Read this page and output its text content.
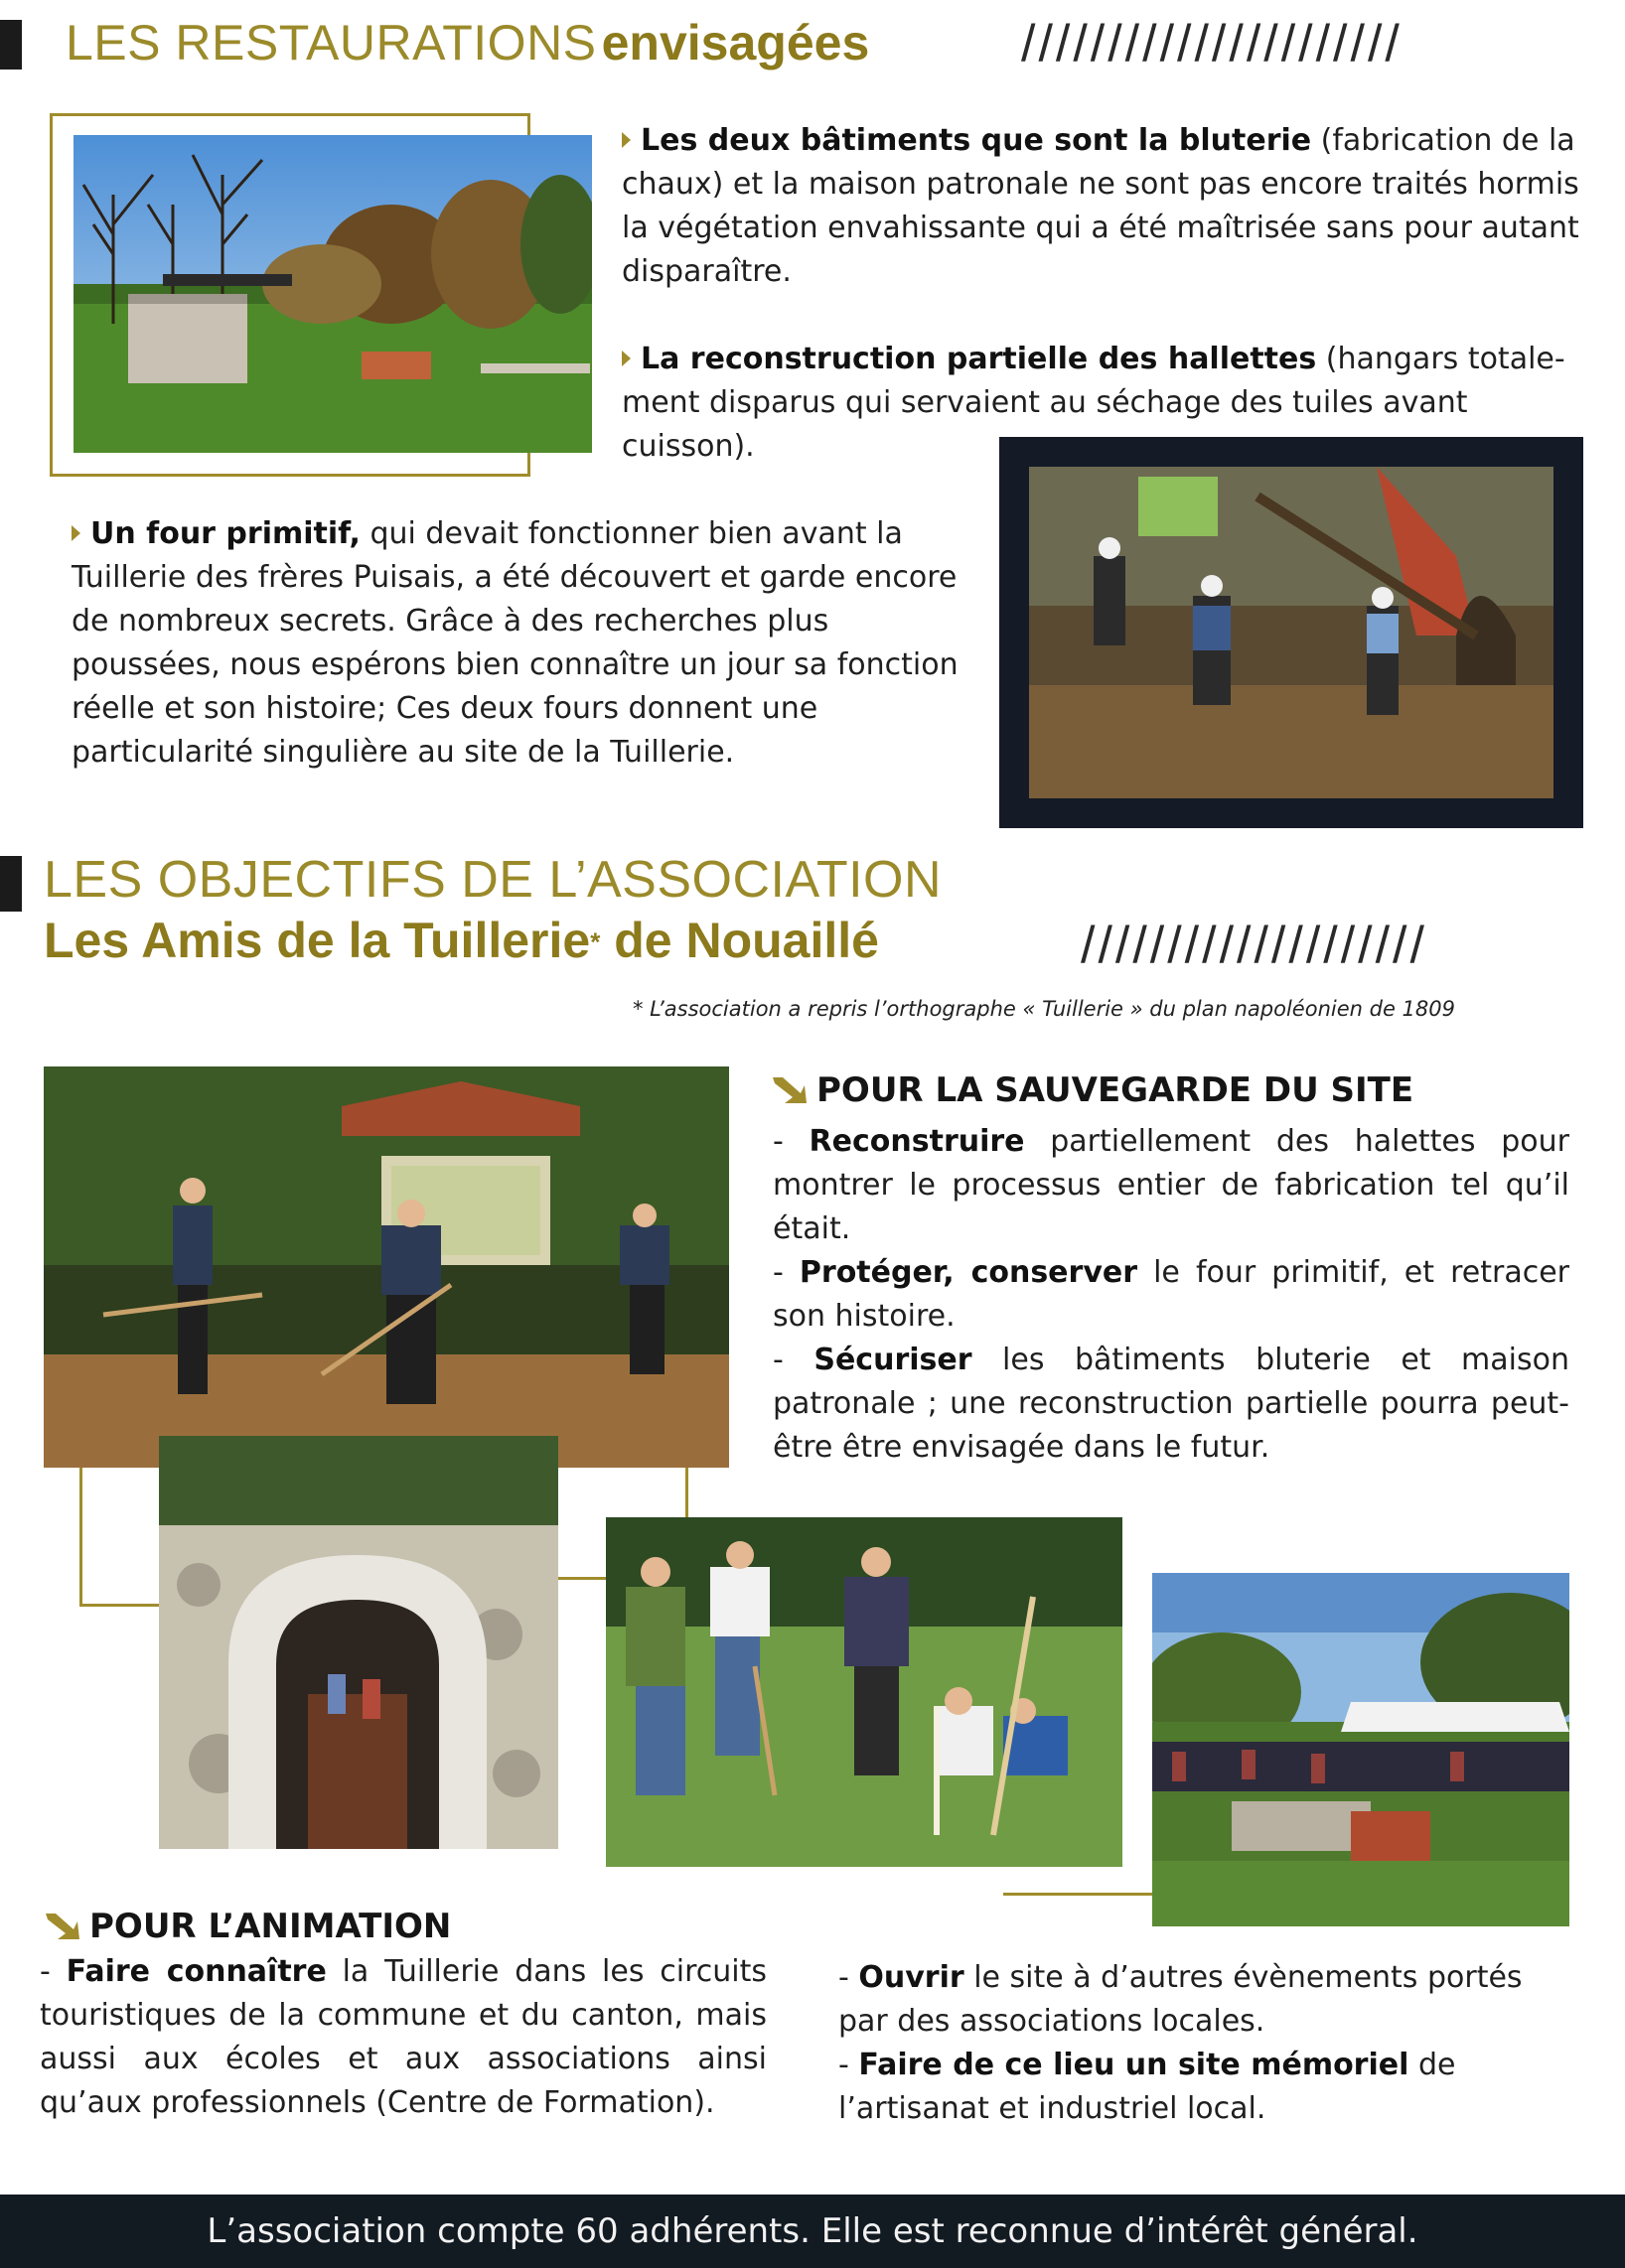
LES RESTAURATIONS envisagées	//////////////////////
Les deux bâtiments que sont la bluterie (fabrication de la chaux) et la maison patronale ne sont pas encore traités hormis la végétation envahissante qui a été maîtrisée sans pour autant disparaître.
La reconstruction partielle des hallettes (hangars totalement disparus qui servaient au séchage des tuiles avant cuisson).
Un four primitif, qui devait fonctionner bien avant la Tuillerie des frères Puisais, a été découvert et garde encore de nombreux secrets. Grâce à des recherches plus poussées, nous espérons bien connaître un jour sa fonction réelle et son histoire; Ces deux fours donnent une particularité singulière au site de la Tuillerie.
LES OBJECTIFS DE L’ASSOCIATION
Les Amis de la Tuillerie* de Nouaillé	////////////////////
* L’association a repris l’orthographe « Tuillerie » du plan napoléonien de 1809
POUR LA SAUVEGARDE DU SITE
- Reconstruire partiellement des halettes pour montrer le processus entier de fabrication tel qu’il était.
- Protéger, conserver le four primitif, et retracer son histoire.
- Sécuriser les bâtiments bluterie et maison patronale ; une reconstruction partielle pourra peut-être être envisagée dans le futur.
POUR L’ANIMATION
- Faire connaître la Tuillerie dans les circuits touristiques de la commune et du canton, mais aussi aux écoles et aux associations ainsi qu’aux professionnels (Centre de Formation).
- Ouvrir le site à d’autres évènements portés par des associations locales.
- Faire de ce lieu un site mémoriel de l’artisanat et industriel local.
L’association compte 60 adhérents. Elle est reconnue d’intérêt général.
